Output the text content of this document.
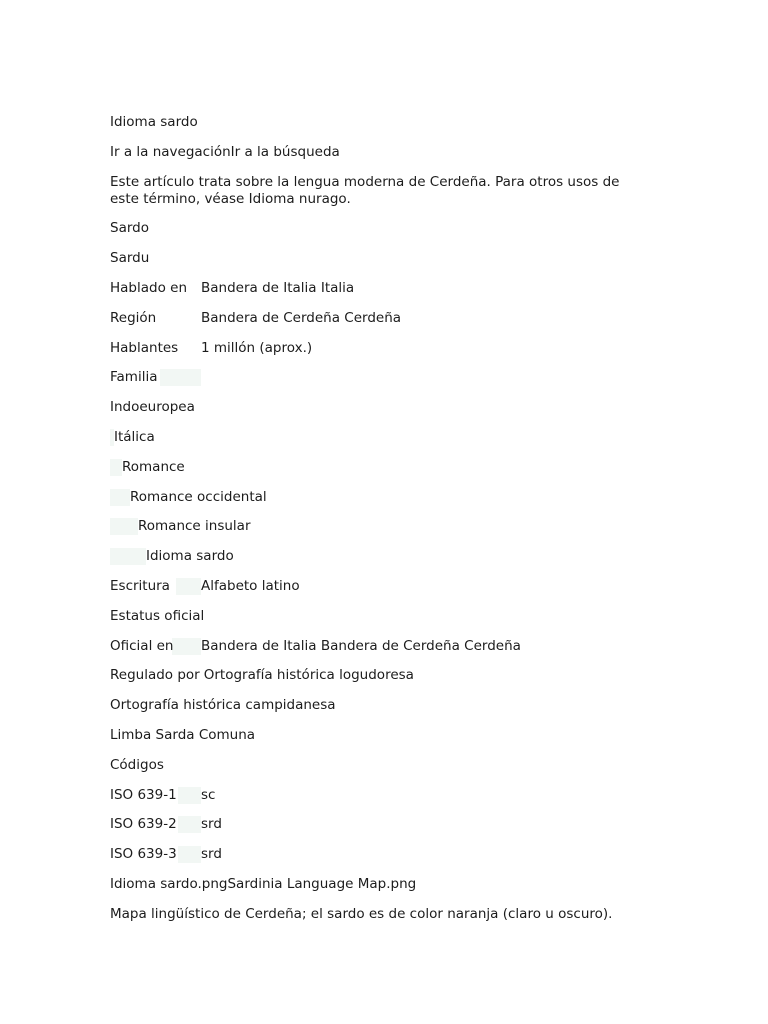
Idioma sardo
Ir a la navegaciónIr a la búsqueda
Este artículo trata sobre la lengua moderna de Cerdeña. Para otros usos de este término, véase Idioma nurago.
Sardo
Sardu
Hablado en	Bandera de Italia Italia
Región	Bandera de Cerdeña Cerdeña
Hablantes	1 millón (aprox.)
Familia
Indoeuropea
Itálica
Romance
Romance occidental
Romance insular
Idioma sardo
Escritura	Alfabeto latino
Estatus oficial
Oficial en	Bandera de Italia Bandera de Cerdeña Cerdeña
Regulado por Ortografía histórica logudoresa
Ortografía histórica campidanesa
Limba Sarda Comuna
Códigos
ISO 639-1	sc
ISO 639-2	srd
ISO 639-3	srd
Idioma sardo.pngSardinia Language Map.png
Mapa lingüístico de Cerdeña; el sardo es de color naranja (claro u oscuro).
